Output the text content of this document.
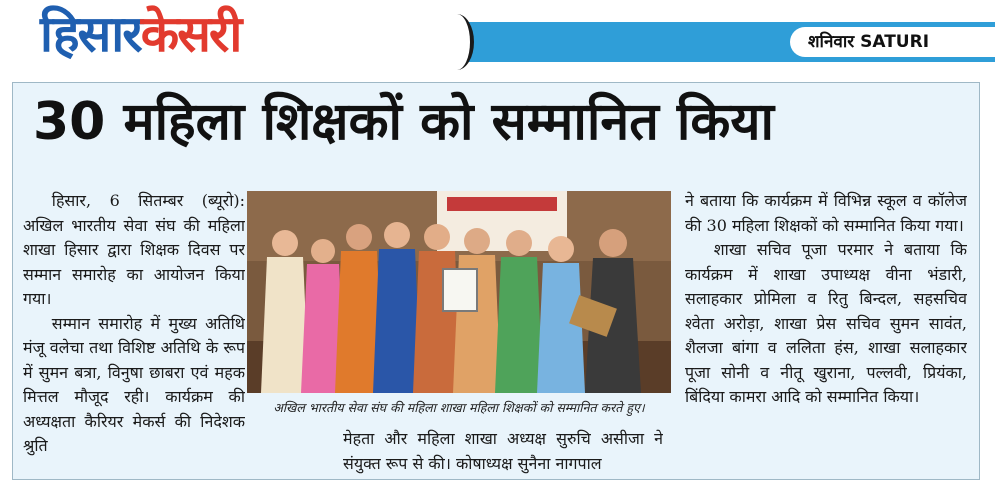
हिसारकेसरी	शनिवार SATURI
30 महिला शिक्षकों को सम्मानित किया

हिसार, 6 सितम्बर (ब्यूरो): अखिल भारतीय सेवा संघ की महिला शाखा हिसार द्वारा शिक्षक दिवस पर सम्मान समारोह का आयोजन किया गया।

सम्मान समारोह में मुख्य अतिथि मंजू वलेचा तथा विशिष्ट अतिथि के रूप में सुमन बत्रा, विनुषा छाबरा एवं महक मित्तल मौजूद रही। कार्यक्रम की अध्यक्षता कैरियर मेकर्स की निदेशक श्रुति

अखिल भारतीय सेवा संघ की महिला शाखा महिला शिक्षकों को सम्मानित करते हुए।

मेहता और महिला शाखा अध्यक्ष सुरुचि असीजा ने संयुक्त रूप से की। कोषाध्यक्ष सुनैना नागपाल

ने बताया कि कार्यक्रम में विभिन्न स्कूल व कॉलेज की 30 महिला शिक्षकों को सम्मानित किया गया।

शाखा सचिव पूजा परमार ने बताया कि कार्यक्रम में शाखा उपाध्यक्ष वीना भंडारी, सलाहकार प्रोमिला व रितु बिन्दल, सहसचिव श्वेता अरोड़ा, शाखा प्रेस सचिव सुमन सावंत, शैलजा बांगा व ललिता हंस, शाखा सलाहकार पूजा सोनी व नीतू खुराना, पल्लवी, प्रियंका, बिंदिया कामरा आदि को सम्मानित किया।
